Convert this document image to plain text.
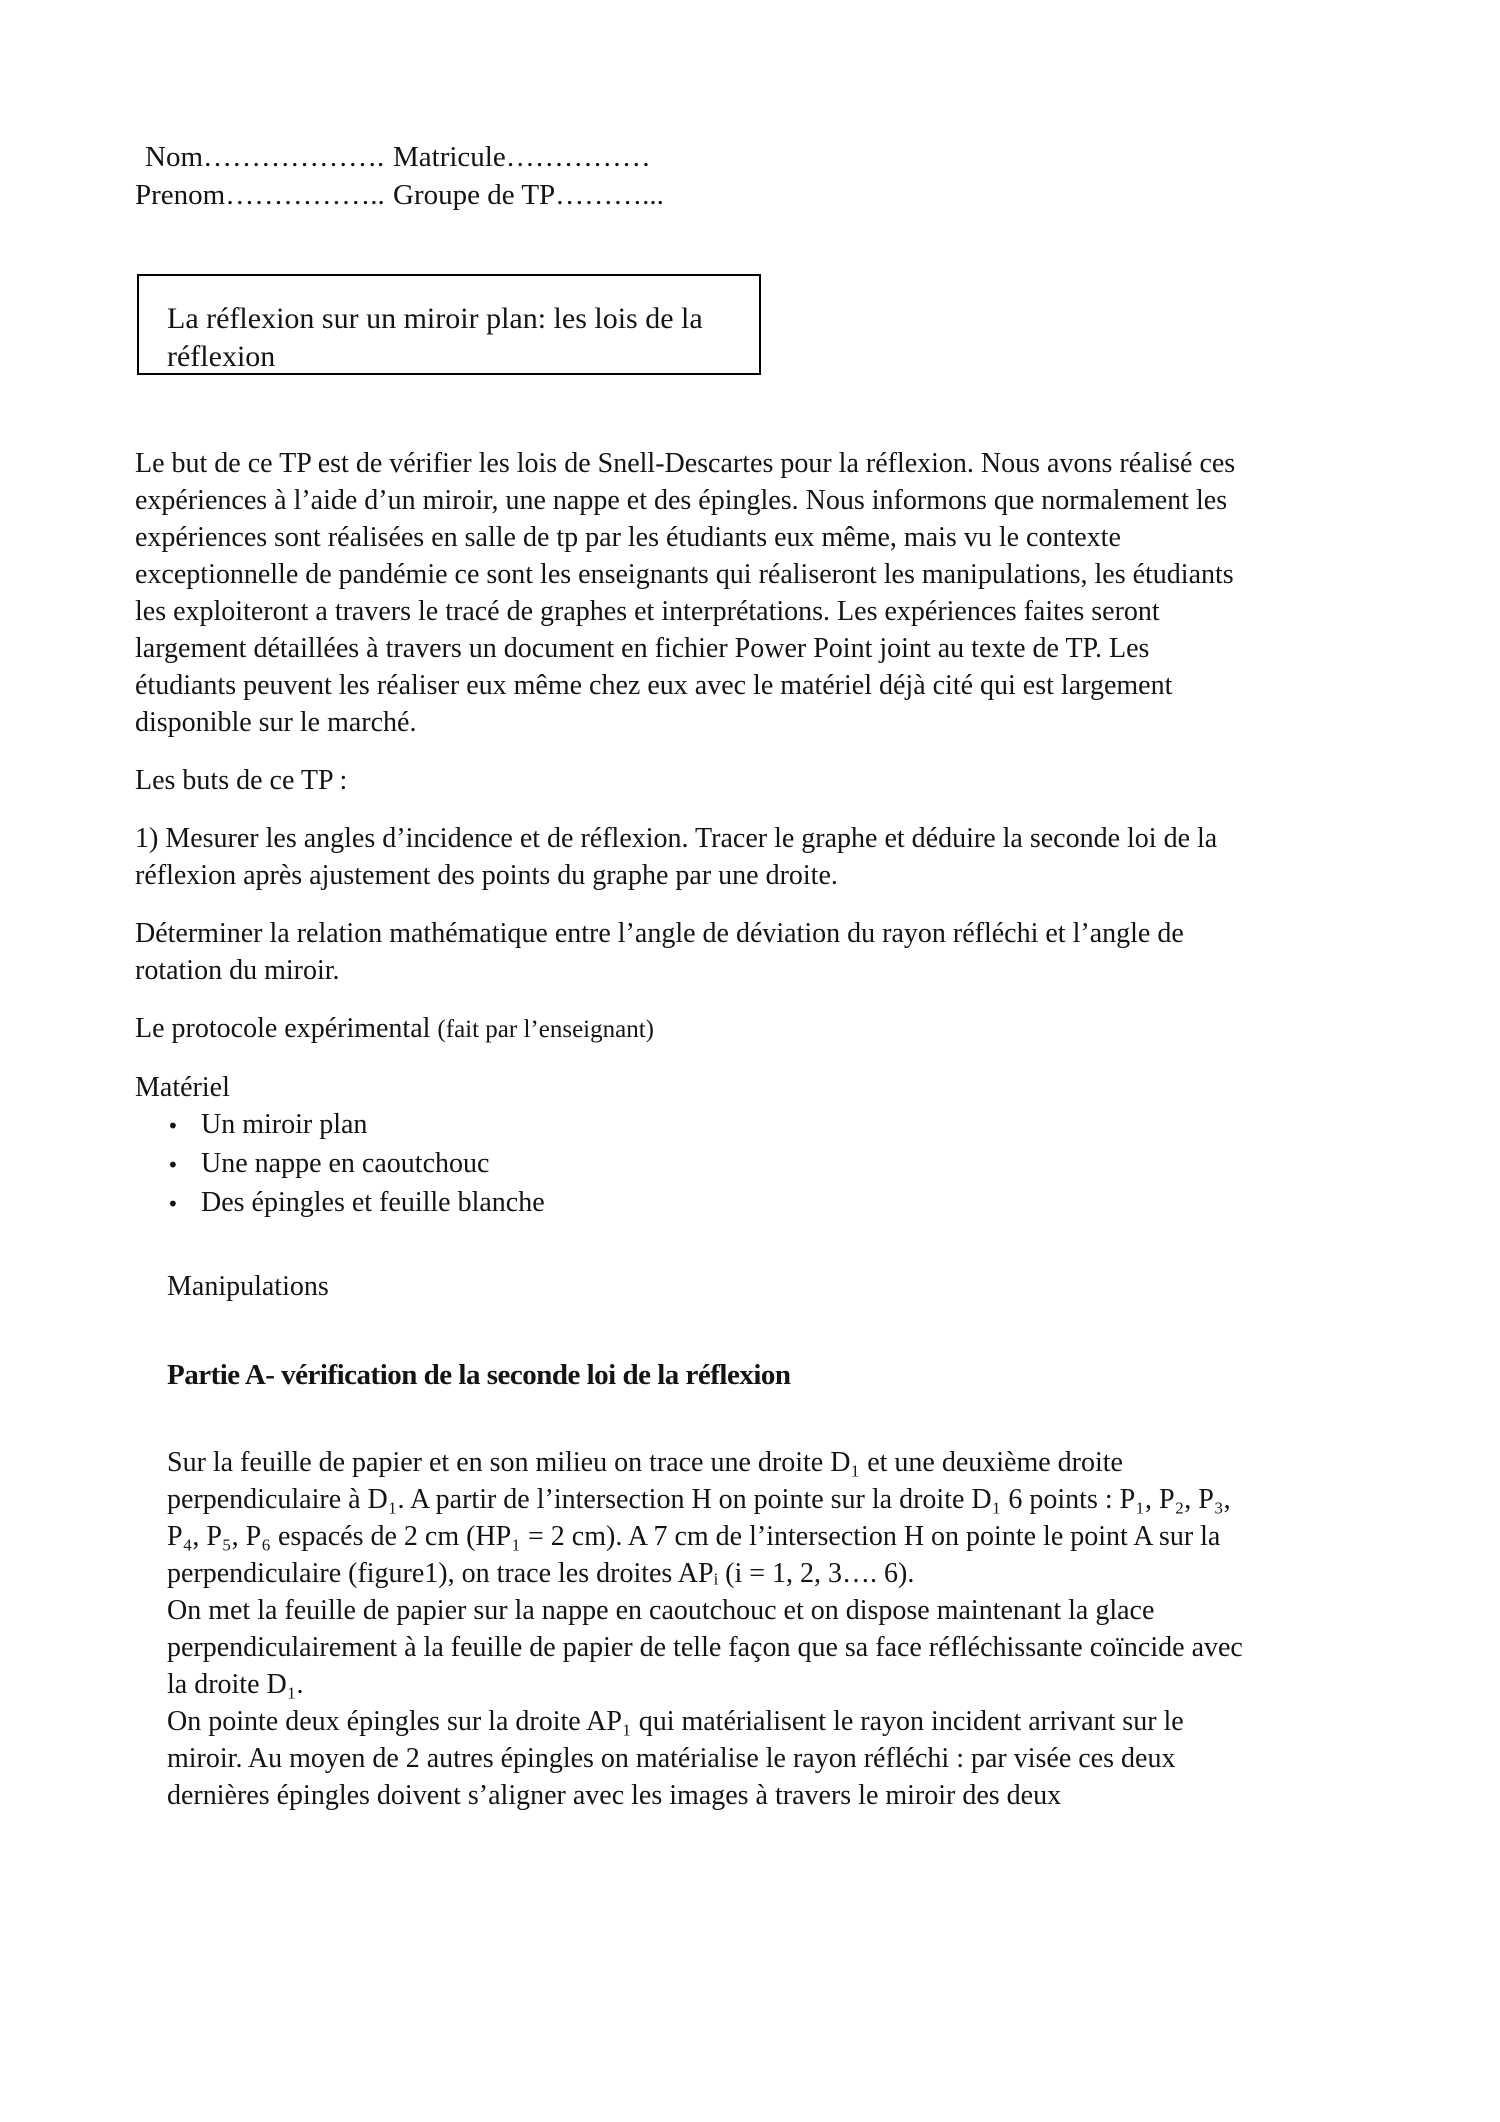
Nom………………. Matricule……………
Prenom…………….. Groupe de TP………...
La réflexion sur un miroir plan: les lois de la réflexion

Le but de ce TP est de vérifier les lois de Snell-Descartes pour la réflexion. Nous avons réalisé ces expériences à l’aide d’un miroir, une nappe et des épingles. Nous informons que normalement les expériences sont réalisées en salle de tp par les étudiants eux même, mais vu le contexte exceptionnelle de pandémie ce sont les enseignants qui réaliseront les manipulations, les étudiants les exploiteront a travers le tracé de graphes et interprétations. Les expériences faites seront largement détaillées à travers un document en fichier Power Point joint au texte de TP. Les étudiants peuvent les réaliser eux même chez eux avec le matériel déjà cité qui est largement disponible sur le marché.

Les buts de ce TP :

1) Mesurer les angles d’incidence et de réflexion. Tracer le graphe et déduire la seconde loi de la réflexion après ajustement des points du graphe par une droite.

Déterminer la relation mathématique entre l’angle de déviation du rayon réfléchi et l’angle de rotation du miroir.

Le protocole expérimental (fait par l’enseignant)

Matériel

• Un miroir plan
• Une nappe en caoutchouc
• Des épingles et feuille blanche

Manipulations

Partie A- vérification de la seconde loi de la réflexion

Sur la feuille de papier et en son milieu on trace une droite D₁ et une deuxième droite perpendiculaire à D₁. A partir de l’intersection H on pointe sur la droite D₁ 6 points : P₁, P₂, P₃, P₄, P₅, P₆ espacés de 2 cm (HP₁ = 2 cm). A 7 cm de l’intersection H on pointe le point A sur la perpendiculaire (figure1), on trace les droites APᵢ (i = 1, 2, 3…. 6).

On met la feuille de papier sur la nappe en caoutchouc et on dispose maintenant la glace perpendiculairement à la feuille de papier de telle façon que sa face réfléchissante coïncide avec la droite D₁.

On pointe deux épingles sur la droite AP₁ qui matérialisent le rayon incident arrivant sur le miroir. Au moyen de 2 autres épingles on matérialise le rayon réfléchi : par visée ces deux dernières épingles doivent s’aligner avec les images à travers le miroir des deux
